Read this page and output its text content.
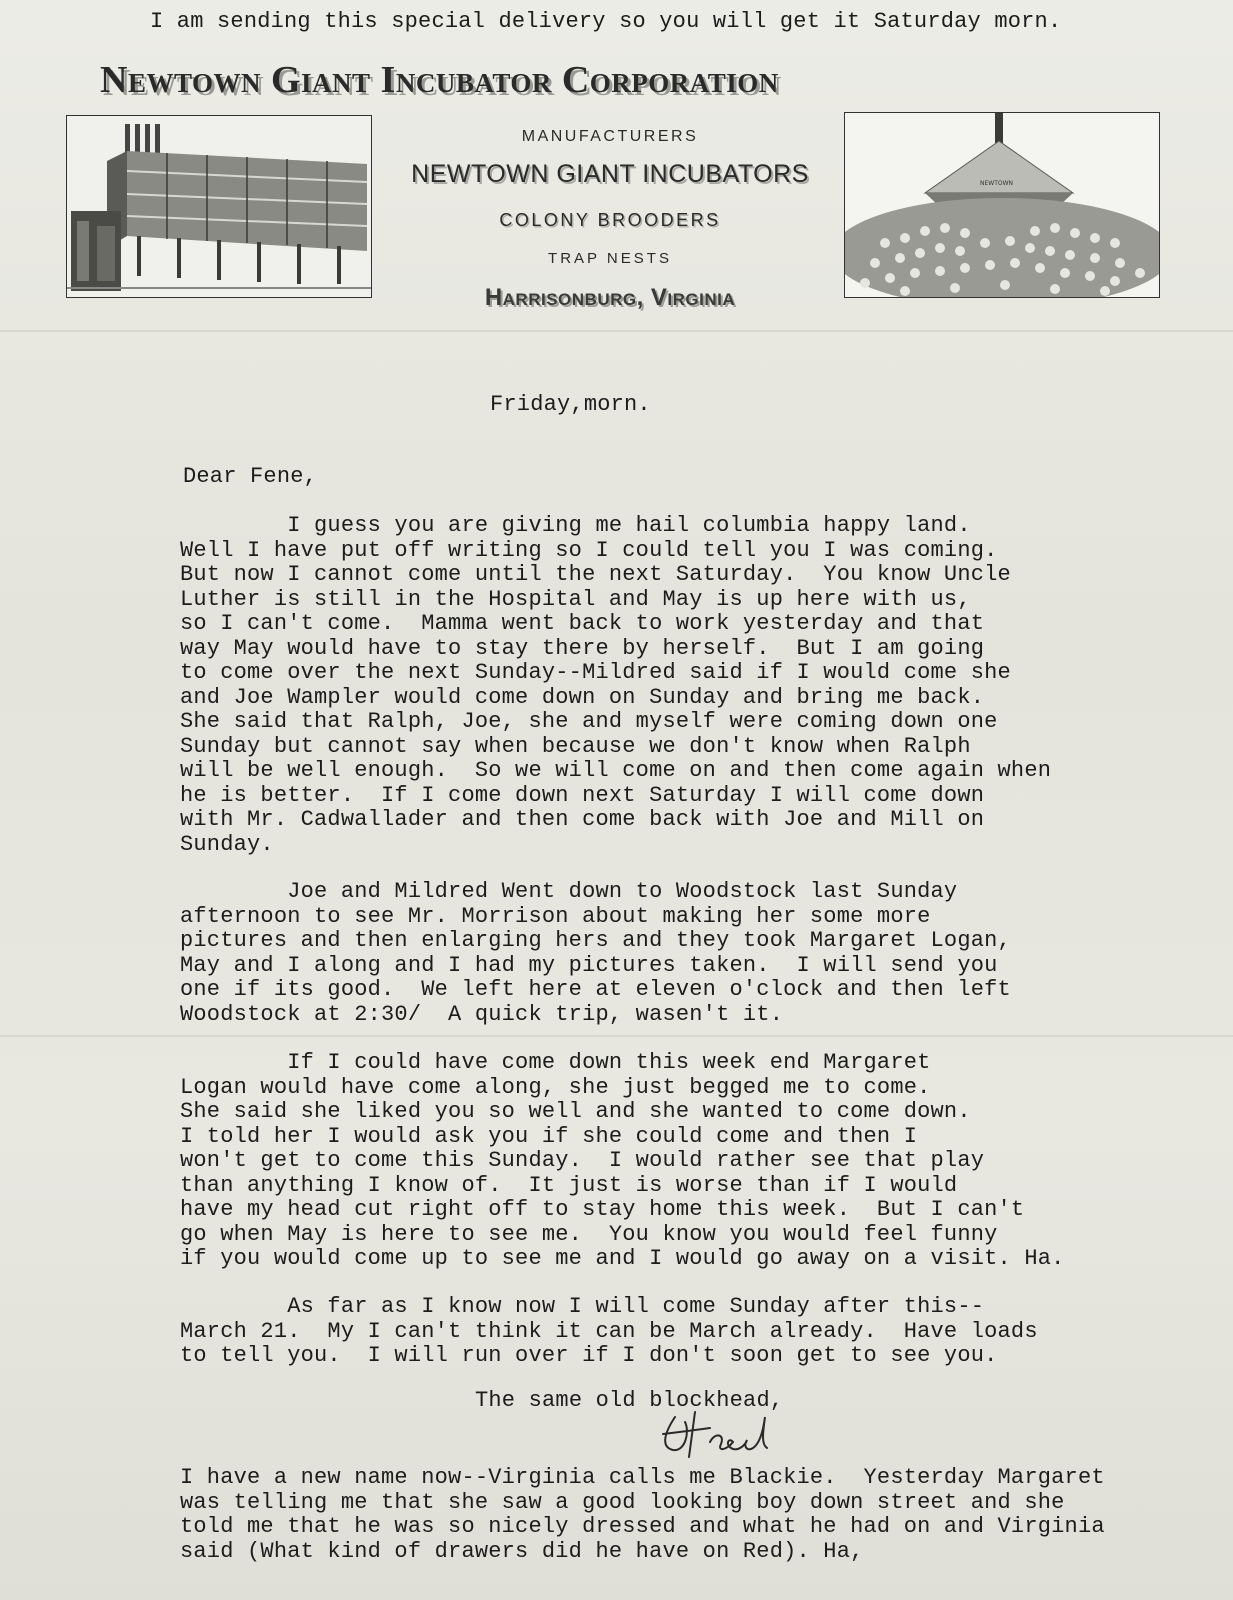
I am sending this special delivery so you will get it Saturday morn.
Newtown Giant Incubator Corporation
MANUFACTURERS
NEWTOWN GIANT INCUBATORS
COLONY BROODERS
TRAP NESTS
Harrisonburg, Virginia
NEWTOWN
Friday,morn.
Dear Fene,
I guess you are giving me hail columbia happy land.
Well I have put off writing so I could tell you I was coming.
But now I cannot come until the next Saturday.  You know Uncle
Luther is still in the Hospital and May is up here with us,
so I can't come.  Mamma went back to work yesterday and that
way May would have to stay there by herself.  But I am going
to come over the next Sunday--Mildred said if I would come she
and Joe Wampler would come down on Sunday and bring me back.
She said that Ralph, Joe, she and myself were coming down one
Sunday but cannot say when because we don't know when Ralph
will be well enough.  So we will come on and then come again when
he is better.  If I come down next Saturday I will come down
with Mr. Cadwallader and then come back with Joe and Mill on
Sunday.
Joe and Mildred Went down to Woodstock last Sunday
afternoon to see Mr. Morrison about making her some more
pictures and then enlarging hers and they took Margaret Logan,
May and I along and I had my pictures taken.  I will send you
one if its good.  We left here at eleven o'clock and then left
Woodstock at 2:30/  A quick trip, wasen't it.
If I could have come down this week end Margaret
Logan would have come along, she just begged me to come.
She said she liked you so well and she wanted to come down.
I told her I would ask you if she could come and then I
won't get to come this Sunday.  I would rather see that play
than anything I know of.  It just is worse than if I would
have my head cut right off to stay home this week.  But I can't
go when May is here to see me.  You know you would feel funny
if you would come up to see me and I would go away on a visit. Ha.
As far as I know now I will come Sunday after this--
March 21.  My I can't think it can be March already.  Have loads
to tell you.  I will run over if I don't soon get to see you.
The same old blockhead,
I have a new name now--Virginia calls me Blackie.  Yesterday Margaret
was telling me that she saw a good looking boy down street and she
told me that he was so nicely dressed and what he had on and Virginia
said (What kind of drawers did he have on Red). Ha,
